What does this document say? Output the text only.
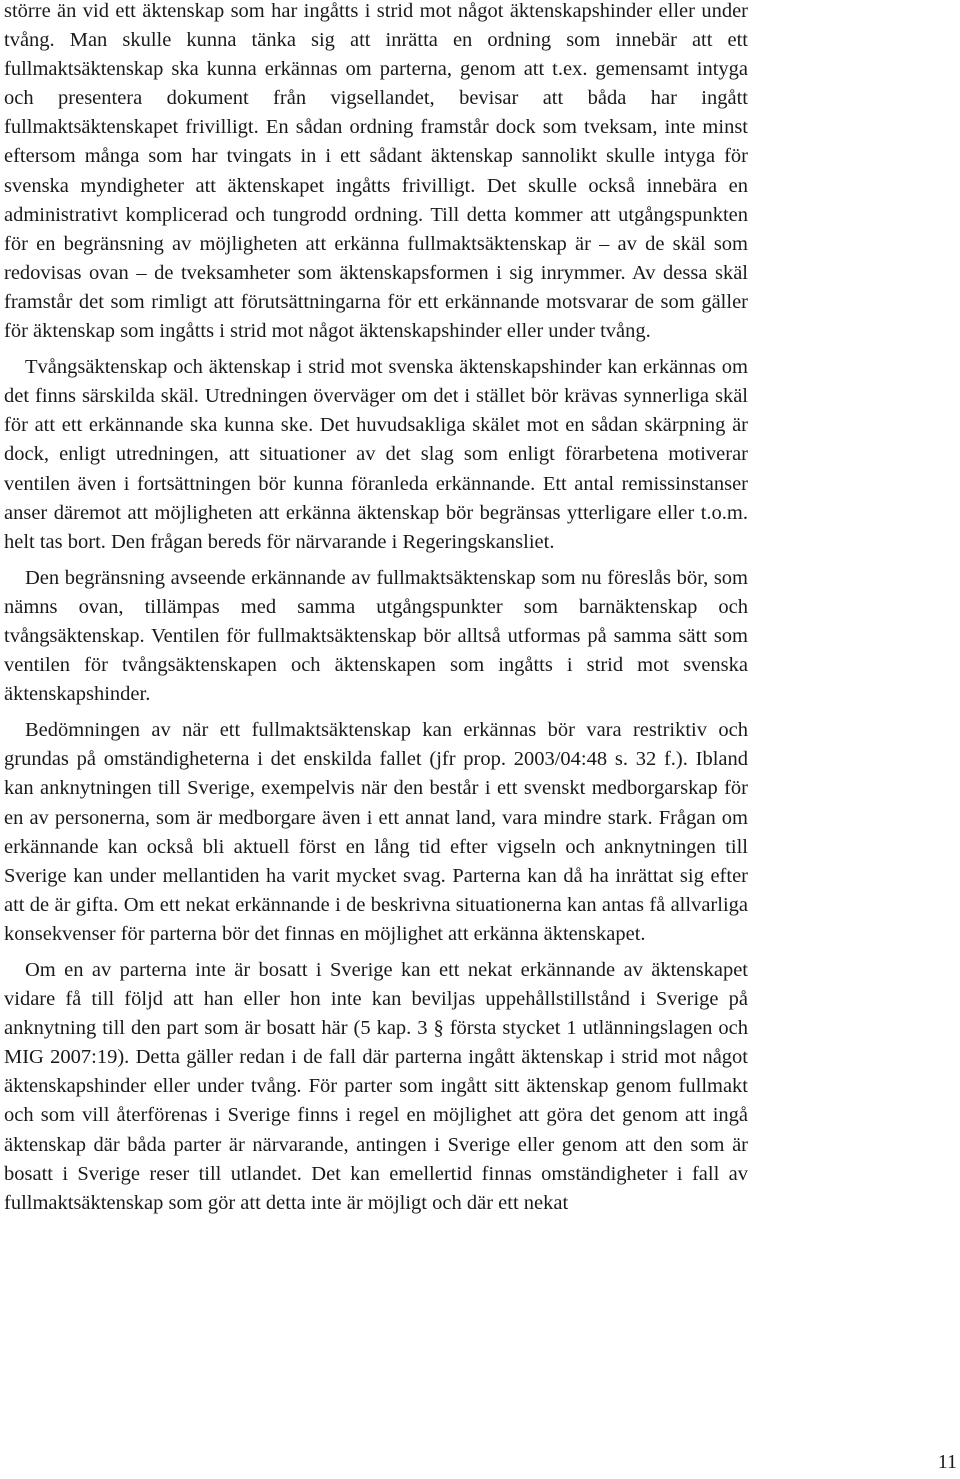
större än vid ett äktenskap som har ingåtts i strid mot något äktenskapshinder eller under tvång. Man skulle kunna tänka sig att inrätta en ordning som innebär att ett fullmaktsäktenskap ska kunna erkännas om parterna, genom att t.ex. gemensamt intyga och presentera dokument från vigsellandet, bevisar att båda har ingått fullmaktsäktenskapet frivilligt. En sådan ordning framstår dock som tveksam, inte minst eftersom många som har tvingats in i ett sådant äktenskap sannolikt skulle intyga för svenska myndigheter att äktenskapet ingåtts frivilligt. Det skulle också innebära en administrativt komplicerad och tungrodd ordning. Till detta kommer att utgångspunkten för en begränsning av möjligheten att erkänna fullmaktsäktenskap är – av de skäl som redovisas ovan – de tveksamheter som äktenskapsformen i sig inrymmer. Av dessa skäl framstår det som rimligt att förutsättningarna för ett erkännande motsvarar de som gäller för äktenskap som ingåtts i strid mot något äktenskapshinder eller under tvång.

Tvångsäktenskap och äktenskap i strid mot svenska äktenskapshinder kan erkännas om det finns särskilda skäl. Utredningen överväger om det i stället bör krävas synnerliga skäl för att ett erkännande ska kunna ske. Det huvudsakliga skälet mot en sådan skärpning är dock, enligt utredningen, att situationer av det slag som enligt förarbetena motiverar ventilen även i fortsättningen bör kunna föranleda erkännande. Ett antal remissinstanser anser däremot att möjligheten att erkänna äktenskap bör begränsas ytterligare eller t.o.m. helt tas bort. Den frågan bereds för närvarande i Regeringskansliet.

Den begränsning avseende erkännande av fullmaktsäktenskap som nu föreslås bör, som nämns ovan, tillämpas med samma utgångspunkter som barnäktenskap och tvångsäktenskap. Ventilen för fullmaktsäktenskap bör alltså utformas på samma sätt som ventilen för tvångsäktenskapen och äktenskapen som ingåtts i strid mot svenska äktenskapshinder.

Bedömningen av när ett fullmaktsäktenskap kan erkännas bör vara restriktiv och grundas på omständigheterna i det enskilda fallet (jfr prop. 2003/04:48 s. 32 f.). Ibland kan anknytningen till Sverige, exempelvis när den består i ett svenskt medborgarskap för en av personerna, som är medborgare även i ett annat land, vara mindre stark. Frågan om erkännande kan också bli aktuell först en lång tid efter vigseln och anknytningen till Sverige kan under mellantiden ha varit mycket svag. Parterna kan då ha inrättat sig efter att de är gifta. Om ett nekat erkännande i de beskrivna situationerna kan antas få allvarliga konsekvenser för parterna bör det finnas en möjlighet att erkänna äktenskapet.

Om en av parterna inte är bosatt i Sverige kan ett nekat erkännande av äktenskapet vidare få till följd att han eller hon inte kan beviljas uppehållstillstånd i Sverige på anknytning till den part som är bosatt här (5 kap. 3 § första stycket 1 utlänningslagen och MIG 2007:19). Detta gäller redan i de fall där parterna ingått äktenskap i strid mot något äktenskapshinder eller under tvång. För parter som ingått sitt äktenskap genom fullmakt och som vill återförenas i Sverige finns i regel en möjlighet att göra det genom att ingå äktenskap där båda parter är närvarande, antingen i Sverige eller genom att den som är bosatt i Sverige reser till utlandet. Det kan emellertid finnas omständigheter i fall av fullmaktsäktenskap som gör att detta inte är möjligt och där ett nekat

11
